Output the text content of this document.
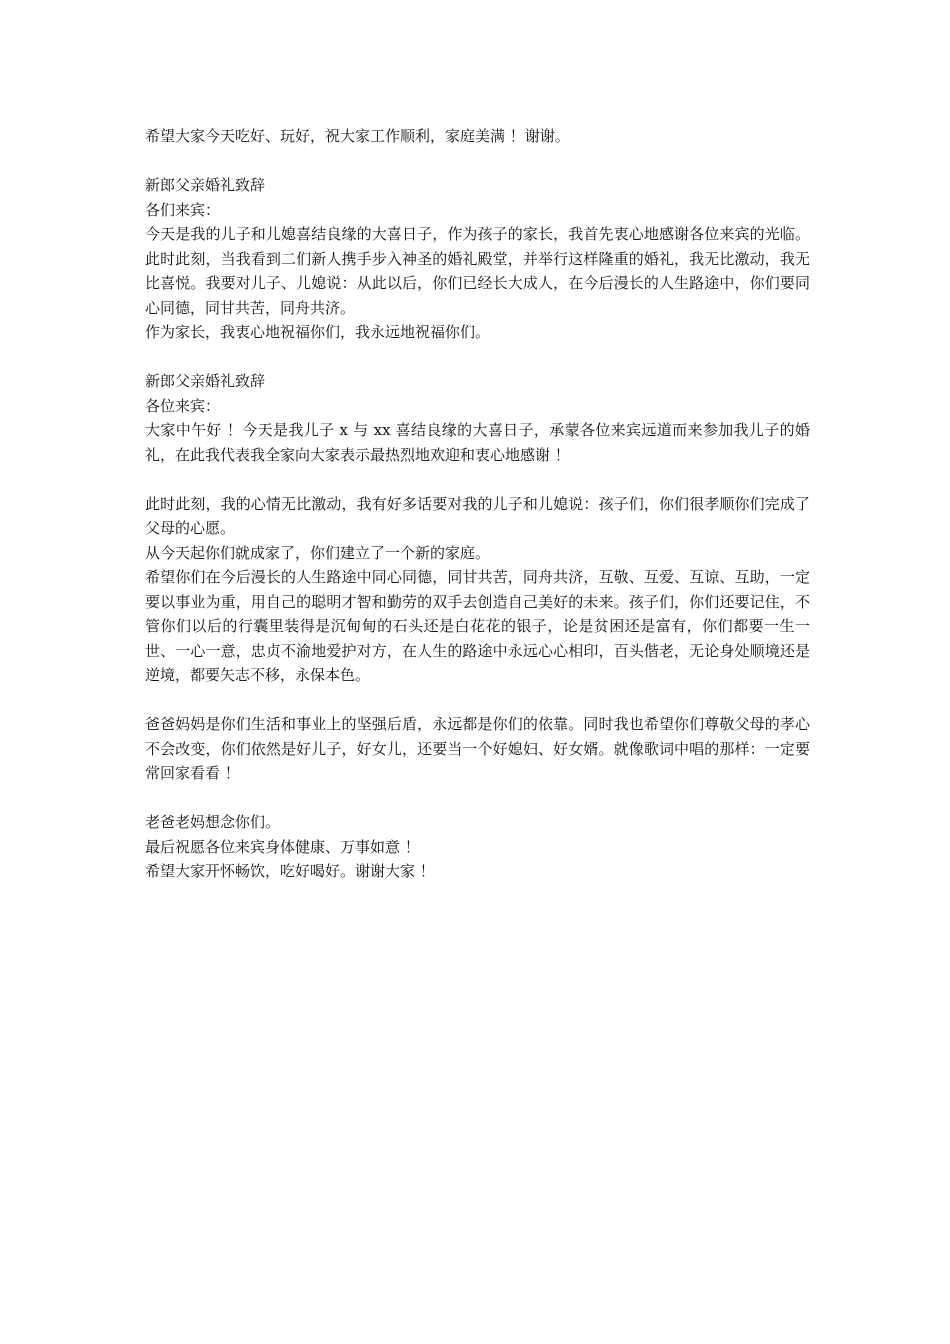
希望大家今天吃好、玩好，祝大家工作顺利，家庭美满 ！谢谢。

新郎父亲婚礼致辞

各们来宾：

今天是我的儿子和儿媳喜结良缘的大喜日子，作为孩子的家长，我首先衷心地感谢各位来宾的光临。此时此刻，当我看到二们新人携手步入神圣的婚礼殿堂，并举行这样隆重的婚礼，我无比激动，我无比喜悦。我要对儿子、儿媳说：从此以后，你们已经长大成人，在今后漫长的人生路途中，你们要同心同德，同甘共苦，同舟共济。

作为家长，我衷心地祝福你们，我永远地祝福你们。

新郎父亲婚礼致辞

各位来宾：

大家中午好 ！今天是我儿子 x 与 xx 喜结良缘的大喜日子，承蒙各位来宾远道而来参加我儿子的婚礼，在此我代表我全家向大家表示最热烈地欢迎和衷心地感谢 ！

此时此刻，我的心情无比激动，我有好多话要对我的儿子和儿媳说：孩子们，你们很孝顺你们完成了父母的心愿。

从今天起你们就成家了，你们建立了一个新的家庭。

希望你们在今后漫长的人生路途中同心同德，同甘共苦，同舟共济，互敬、互爱、互谅、互助，一定要以事业为重，用自己的聪明才智和勤劳的双手去创造自己美好的未来。孩子们，你们还要记住，不管你们以后的行囊里装得是沉甸甸的石头还是白花花的银子，论是贫困还是富有，你们都要一生一世、一心一意，忠贞不渝地爱护对方，在人生的路途中永远心心相印，百头偕老，无论身处顺境还是逆境，都要矢志不移，永保本色。

爸爸妈妈是你们生活和事业上的坚强后盾，永远都是你们的依靠。同时我也希望你们尊敬父母的孝心不会改变，你们依然是好儿子，好女儿，还要当一个好媳妇、好女婿。就像歌词中唱的那样：一定要常回家看看 ！

老爸老妈想念你们。

最后祝愿各位来宾身体健康、万事如意 ！

希望大家开怀畅饮，吃好喝好。谢谢大家 ！
